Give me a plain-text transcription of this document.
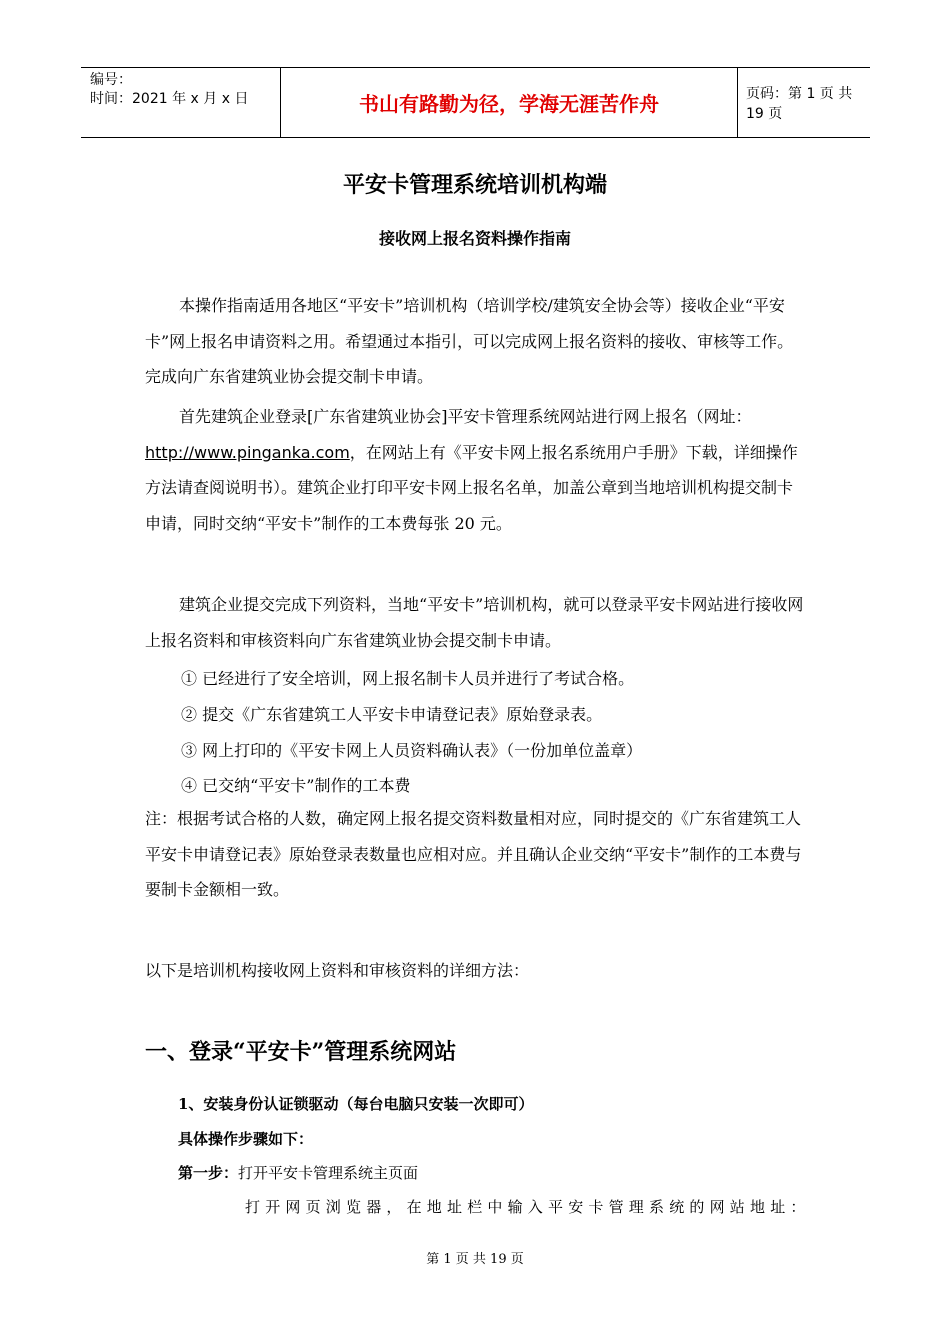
编号：
时间：2021 年 x 月 x 日	书山有路勤为径，学海无涯苦作舟	页码：第 1 页 共 19 页
平安卡管理系统培训机构端
接收网上报名资料操作指南

本操作指南适用各地区“平安卡”培训机构（培训学校/建筑安全协会等）接收企业“平安卡”网上报名申请资料之用。希望通过本指引，可以完成网上报名资料的接收、审核等工作。完成向广东省建筑业协会提交制卡申请。

首先建筑企业登录[广东省建筑业协会]平安卡管理系统网站进行网上报名（网址：http://www.pinganka.com，在网站上有《平安卡网上报名系统用户手册》下载，详细操作方法请查阅说明书）。建筑企业打印平安卡网上报名名单，加盖公章到当地培训机构提交制卡申请，同时交纳“平安卡”制作的工本费每张 20 元。

建筑企业提交完成下列资料，当地“平安卡”培训机构，就可以登录平安卡网站进行接收网上报名资料和审核资料向广东省建筑业协会提交制卡申请。

① 已经进行了安全培训，网上报名制卡人员并进行了考试合格。
② 提交《广东省建筑工人平安卡申请登记表》原始登录表。
③ 网上打印的《平安卡网上人员资料确认表》（一份加单位盖章）
④ 已交纳“平安卡”制作的工本费

注：根据考试合格的人数，确定网上报名提交资料数量相对应，同时提交的《广东省建筑工人平安卡申请登记表》原始登录表数量也应相对应。并且确认企业交纳“平安卡”制作的工本费与要制卡金额相一致。

以下是培训机构接收网上资料和审核资料的详细方法：
一、登录“平安卡”管理系统网站
1、安装身份认证锁驱动（每台电脑只安装一次即可）
具体操作步骤如下：
第一步：打开平安卡管理系统主页面
打开网页浏览器，在地址栏中输入平安卡管理系统的网站地址：
第 1 页 共 19 页
